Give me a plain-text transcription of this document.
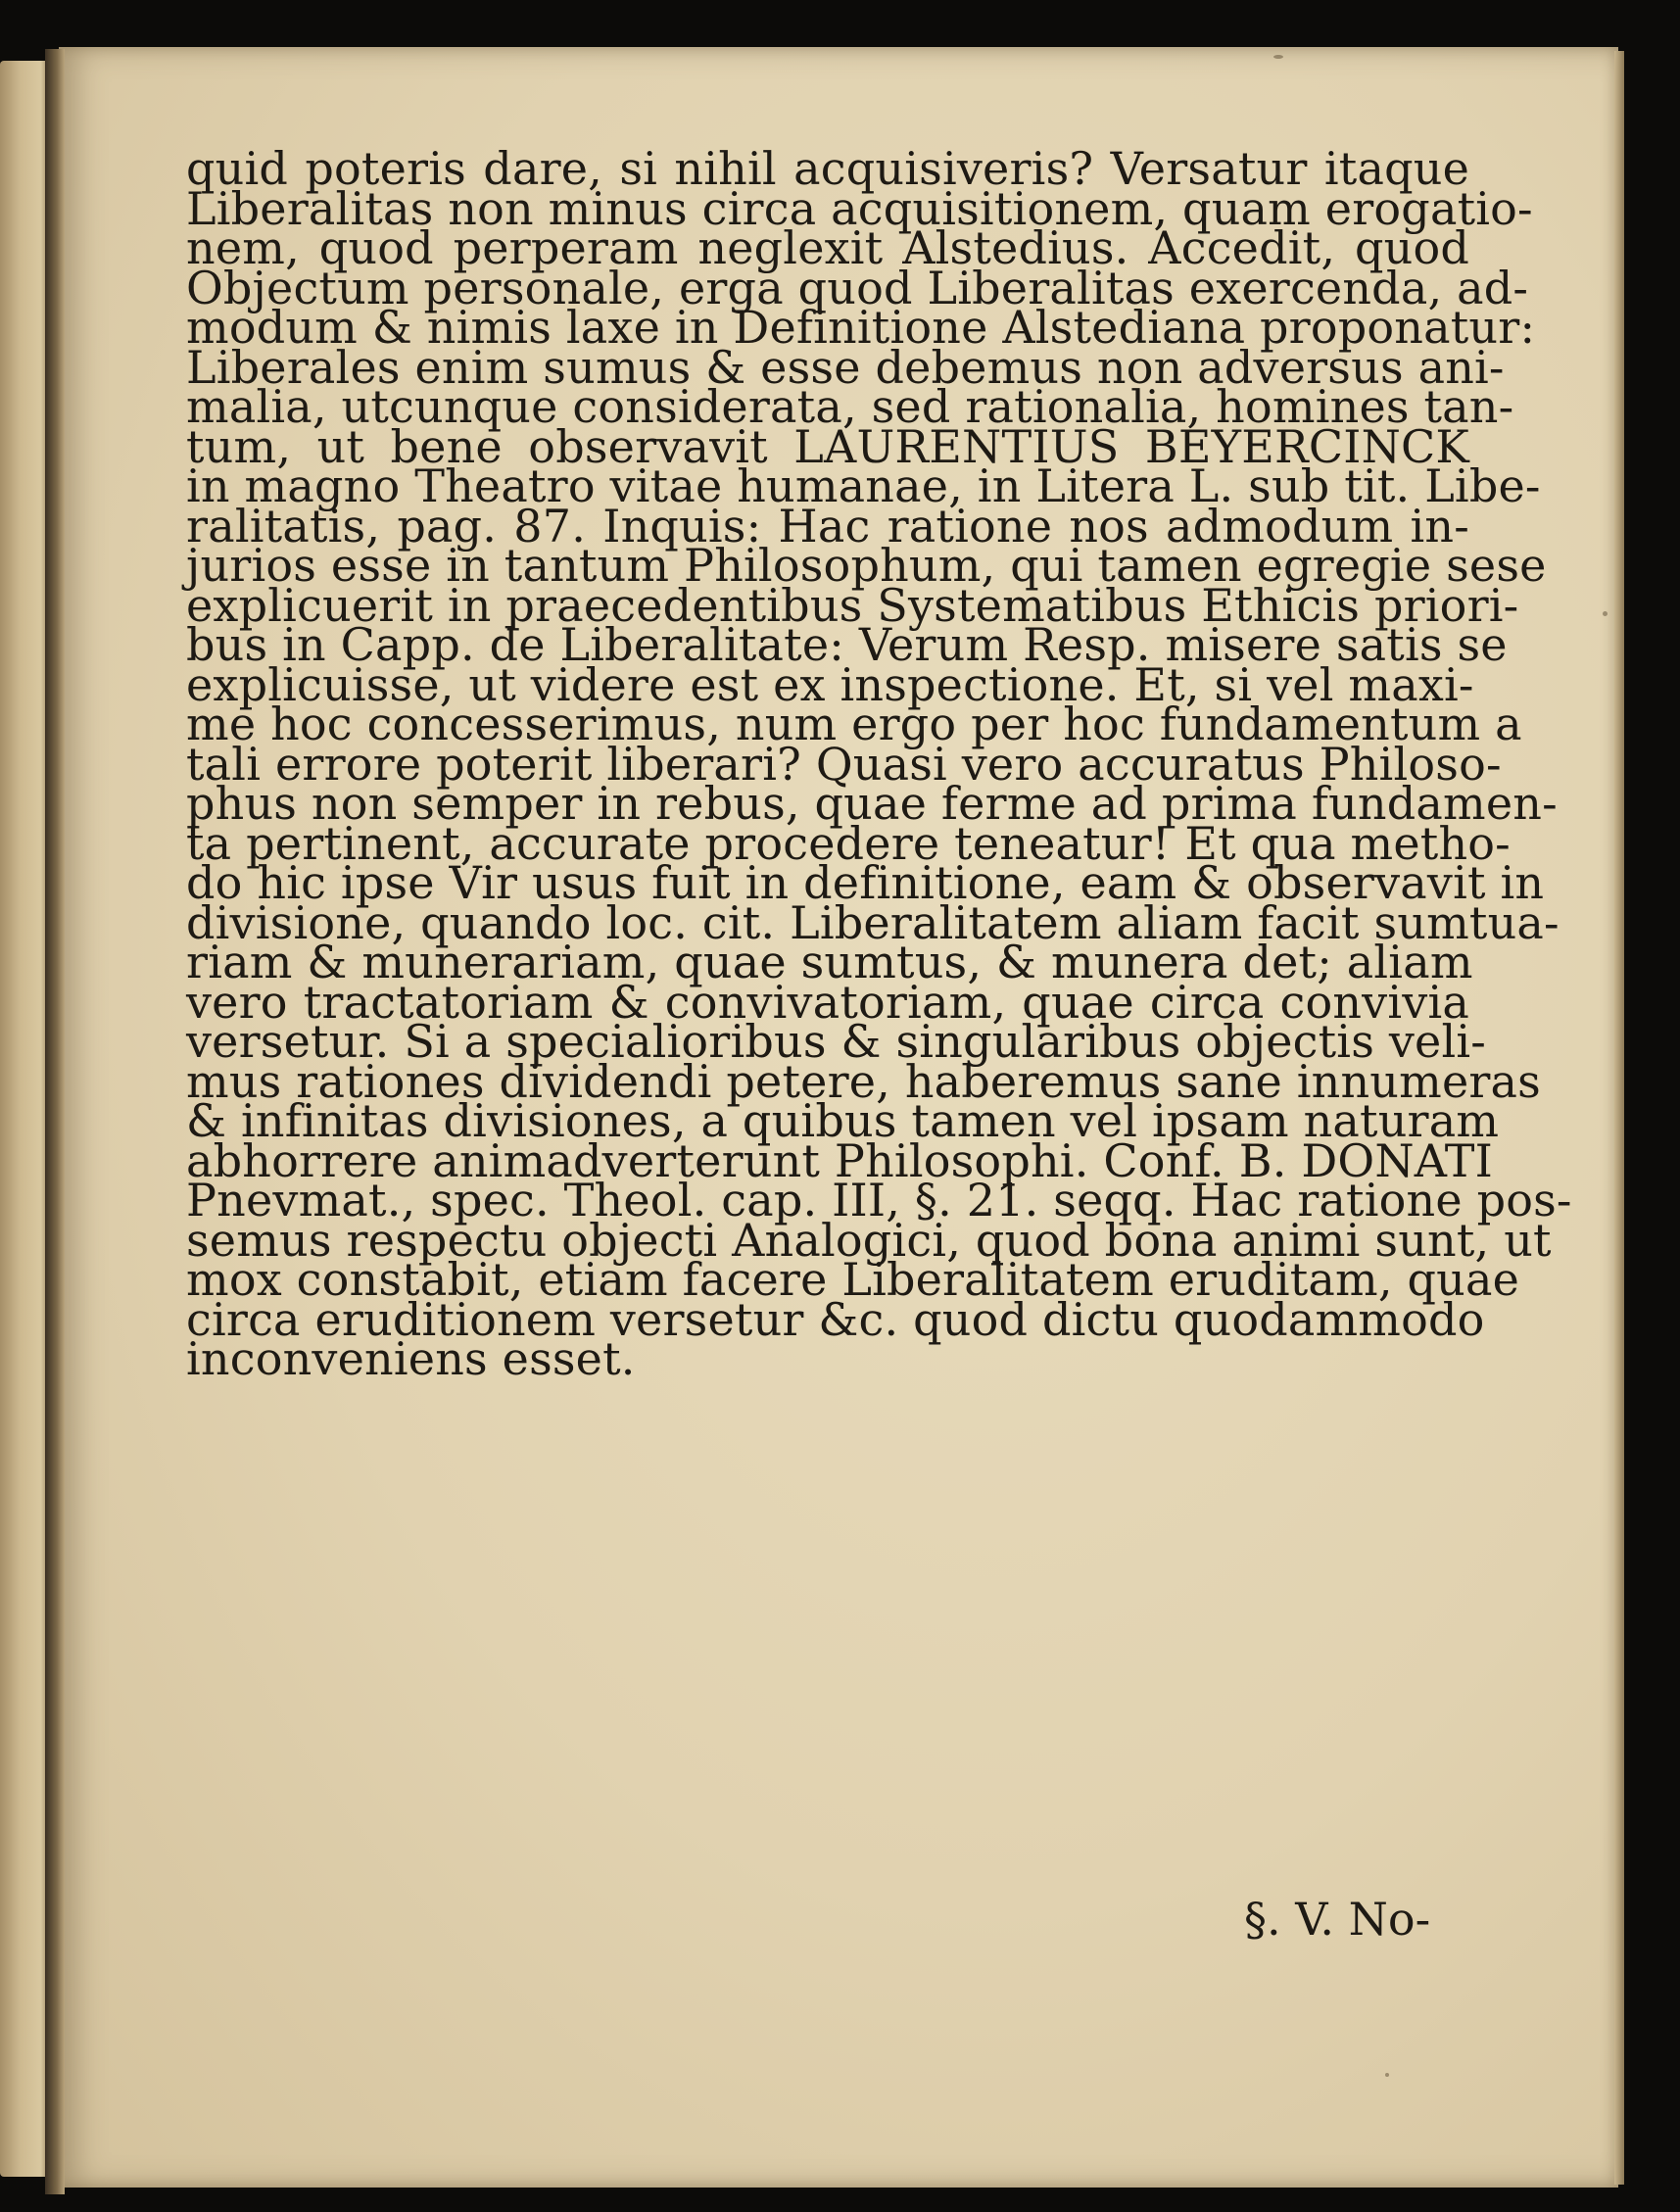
quid poteris dare, si nihil acquisiveris? Versatur itaque
Liberalitas non minus circa acquisitionem, quam erogatio-
nem, quod perperam neglexit Alstedius. Accedit, quod
Objectum personale, erga quod Liberalitas exercenda, ad-
modum & nimis laxe in Definitione Alstediana proponatur:
Liberales enim sumus & esse debemus non adversus ani-
malia, utcunque considerata, sed rationalia, homines tan-
tum, ut bene observavit LAURENTIUS BEYERCINCK
in magno Theatro vitae humanae, in Litera L. sub tit. Libe-
ralitatis, pag. 87. Inquis: Hac ratione nos admodum in-
jurios esse in tantum Philosophum, qui tamen egregie sese
explicuerit in praecedentibus Systematibus Ethicis priori-
bus in Capp. de Liberalitate: Verum Resp. misere satis se
explicuisse, ut videre est ex inspectione. Et, si vel maxi-
me hoc concesserimus, num ergo per hoc fundamentum a
tali errore poterit liberari? Quasi vero accuratus Philoso-
phus non semper in rebus, quae ferme ad prima fundamen-
ta pertinent, accurate procedere teneatur! Et qua metho-
do hic ipse Vir usus fuit in definitione, eam & observavit in
divisione, quando loc. cit. Liberalitatem aliam facit sumtua-
riam & munerariam, quae sumtus, & munera det; aliam
vero tractatoriam & convivatoriam, quae circa convivia
versetur. Si a specialioribus & singularibus objectis veli-
mus rationes dividendi petere, haberemus sane innumeras
& infinitas divisiones, a quibus tamen vel ipsam naturam
abhorrere animadverterunt Philosophi. Conf. B. DONATI
Pnevmat., spec. Theol. cap. III, §. 21. seqq. Hac ratione pos-
semus respectu objecti Analogici, quod bona animi sunt, ut
mox constabit, etiam facere Liberalitatem eruditam, quae
circa eruditionem versetur &c. quod dictu quodammodo
inconveniens esset.
§. V. No-
